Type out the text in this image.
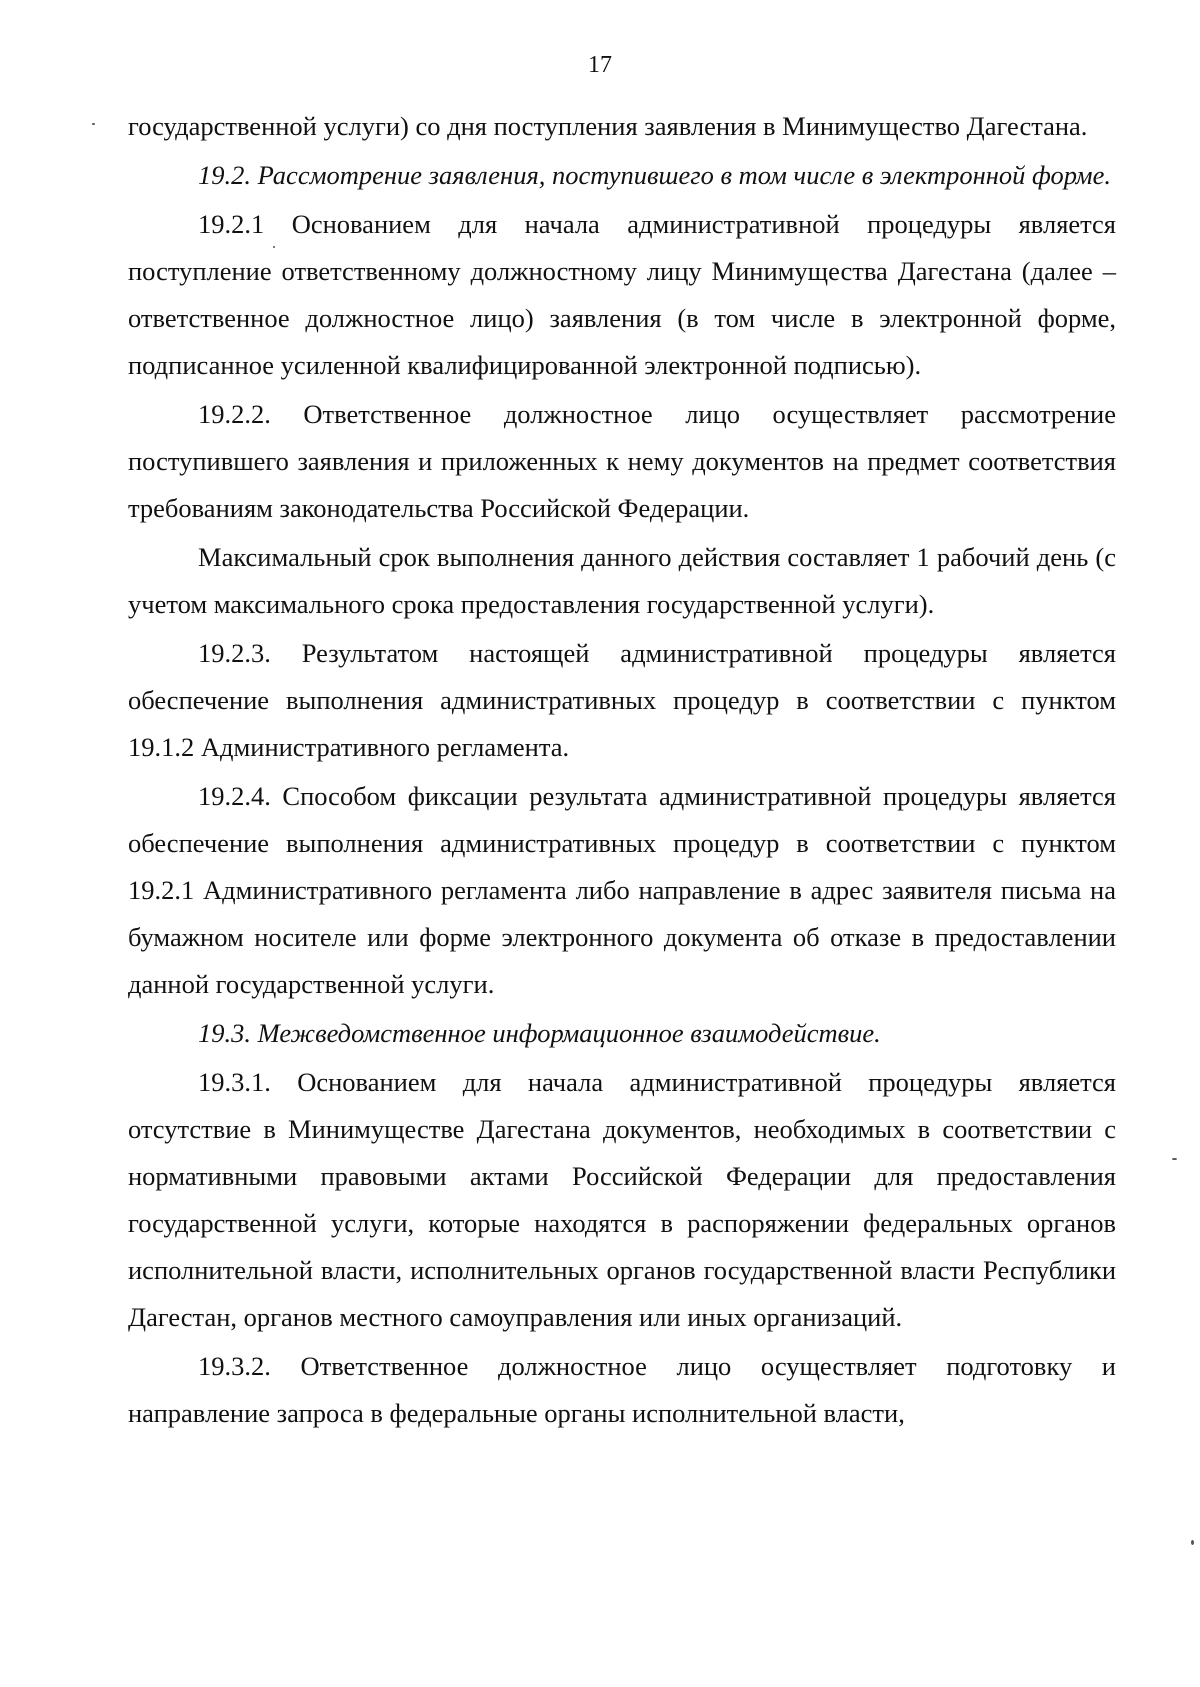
17

государственной услуги) со дня поступления заявления в Минимущество Дагестана.

19.2. Рассмотрение заявления, поступившего в том числе в электронной форме.

19.2.1 Основанием для начала административной процедуры является поступление ответственному должностному лицу Минимущества Дагестана (далее – ответственное должностное лицо) заявления (в том числе в электронной форме, подписанное усиленной квалифицированной электронной подписью).

19.2.2. Ответственное должностное лицо осуществляет рассмотрение поступившего заявления и приложенных к нему документов на предмет соответствия требованиям законодательства Российской Федерации.

Максимальный срок выполнения данного действия составляет 1 рабочий день (с учетом максимального срока предоставления государственной услуги).

19.2.3. Результатом настоящей административной процедуры является обеспечение выполнения административных процедур в соответствии с пунктом 19.1.2 Административного регламента.

19.2.4. Способом фиксации результата административной процедуры является обеспечение выполнения административных процедур в соответствии с пунктом 19.2.1 Административного регламента либо направление в адрес заявителя письма на бумажном носителе или форме электронного документа об отказе в предоставлении данной государственной услуги.

19.3. Межведомственное информационное взаимодействие.

19.3.1. Основанием для начала административной процедуры является отсутствие в Минимуществе Дагестана документов, необходимых в соответствии с нормативными правовыми актами Российской Федерации для предоставления государственной услуги, которые находятся в распоряжении федеральных органов исполнительной власти, исполнительных органов государственной власти Республики Дагестан, органов местного самоуправления или иных организаций.

19.3.2. Ответственное должностное лицо осуществляет подготовку и направление запроса в федеральные органы исполнительной власти,
